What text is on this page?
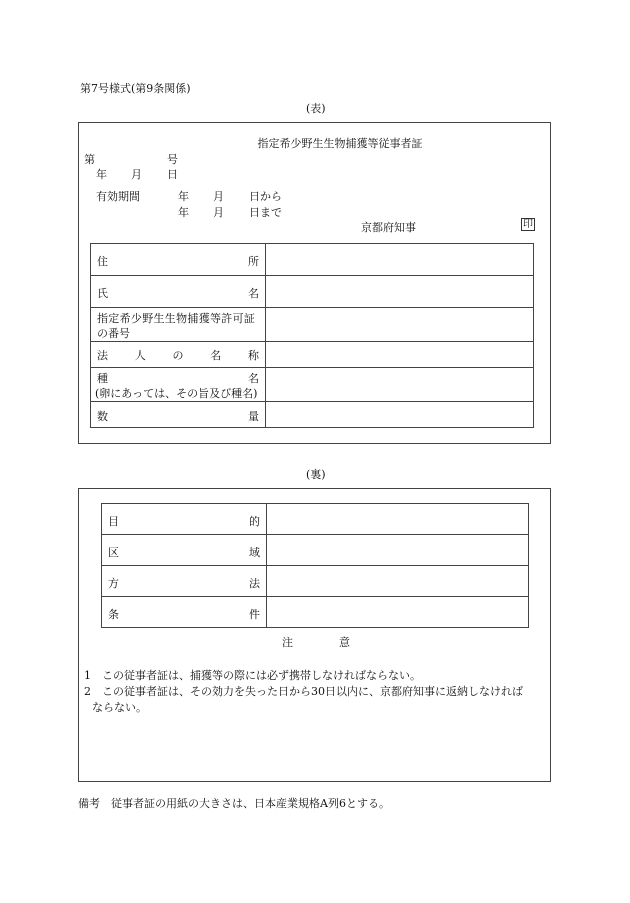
第7号様式(第9条関係)
(表)
指定希少野生生物捕獲等従事者証
第	号
年 月 日
有効期間	年 月 日から
年 月 日まで
京都府知事	印
住 所	

氏 名	

指定希少野生生物捕獲等許可証
の番号	

法 人 の 名 称	

種 名
(卵にあっては、その旨及び種名)	

数 量	

(裏)
目 的	

区 域	

方 法	

条 件	

注	意
1 この従事者証は、捕獲等の際には必ず携帯しなければならない。
2 この従事者証は、その効力を失った日から30日以内に、京都府知事に返納しなければ
ならない。
備考　従事者証の用紙の大きさは、日本産業規格A列6とする。
